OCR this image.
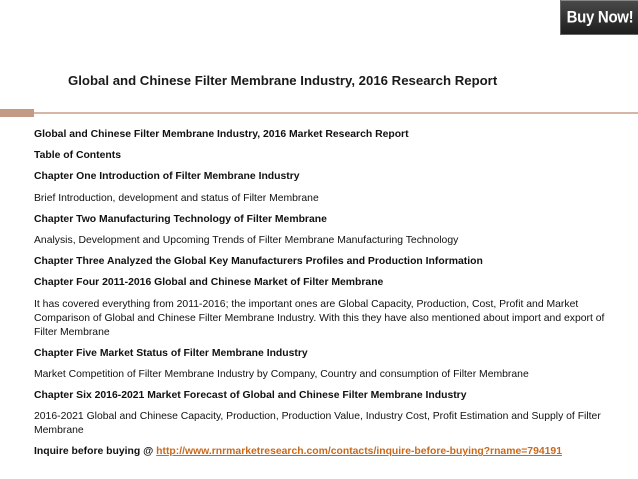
Buy Now!
Global and Chinese Filter Membrane Industry, 2016 Research Report

Global and Chinese Filter Membrane Industry, 2016 Market Research Report

Table of Contents

Chapter One Introduction of Filter Membrane Industry

Brief Introduction, development and status of Filter Membrane

Chapter Two Manufacturing Technology of Filter Membrane

Analysis, Development and Upcoming Trends of Filter Membrane Manufacturing Technology

Chapter Three Analyzed the Global Key Manufacturers Profiles and Production Information

Chapter Four 2011-2016 Global and Chinese Market of Filter Membrane

It has covered everything from 2011-2016; the important ones are Global Capacity, Production, Cost, Profit and Market Comparison of Global and Chinese Filter Membrane Industry. With this they have also mentioned about import and export of Filter Membrane

Chapter Five Market Status of Filter Membrane Industry

Market Competition of Filter Membrane Industry by Company, Country and consumption of Filter Membrane

Chapter Six 2016-2021 Market Forecast of Global and Chinese Filter Membrane Industry

2016-2021 Global and Chinese Capacity, Production, Production Value, Industry Cost, Profit Estimation and Supply of Filter Membrane

Inquire before buying @ http://www.rnrmarketresearch.com/contacts/inquire-before-buying?rname=794191
